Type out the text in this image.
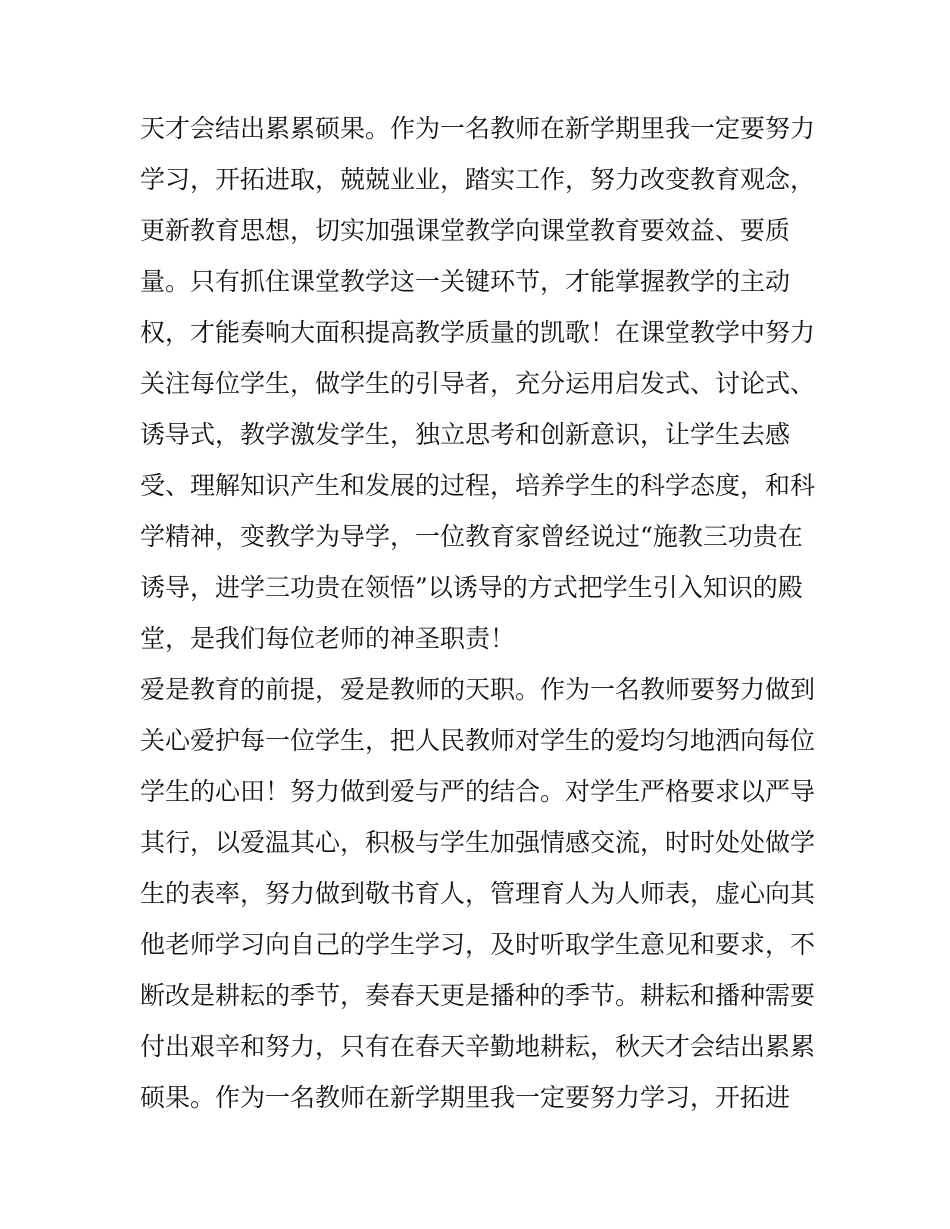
天才会结出累累硕果。作为一名教师在新学期里我一定要努力
学习，开拓进取，兢兢业业，踏实工作，努力改变教育观念，
更新教育思想，切实加强课堂教学向课堂教育要效益、要质
量。只有抓住课堂教学这一关键环节，才能掌握教学的主动
权，才能奏响大面积提高教学质量的凯歌！在课堂教学中努力
关注每位学生，做学生的引导者，充分运用启发式、讨论式、
诱导式，教学激发学生，独立思考和创新意识，让学生去感
受、理解知识产生和发展的过程，培养学生的科学态度，和科
学精神，变教学为导学，一位教育家曾经说过“施教三功贵在
诱导，进学三功贵在领悟”以诱导的方式把学生引入知识的殿
堂，是我们每位老师的神圣职责！
爱是教育的前提，爱是教师的天职。作为一名教师要努力做到
关心爱护每一位学生，把人民教师对学生的爱均匀地洒向每位
学生的心田！努力做到爱与严的结合。对学生严格要求以严导
其行，以爱温其心，积极与学生加强情感交流，时时处处做学
生的表率，努力做到敬书育人，管理育人为人师表，虚心向其
他老师学习向自己的学生学习，及时听取学生意见和要求，不
断改是耕耘的季节，奏春天更是播种的季节。耕耘和播种需要
付出艰辛和努力，只有在春天辛勤地耕耘，秋天才会结出累累
硕果。作为一名教师在新学期里我一定要努力学习，开拓进
